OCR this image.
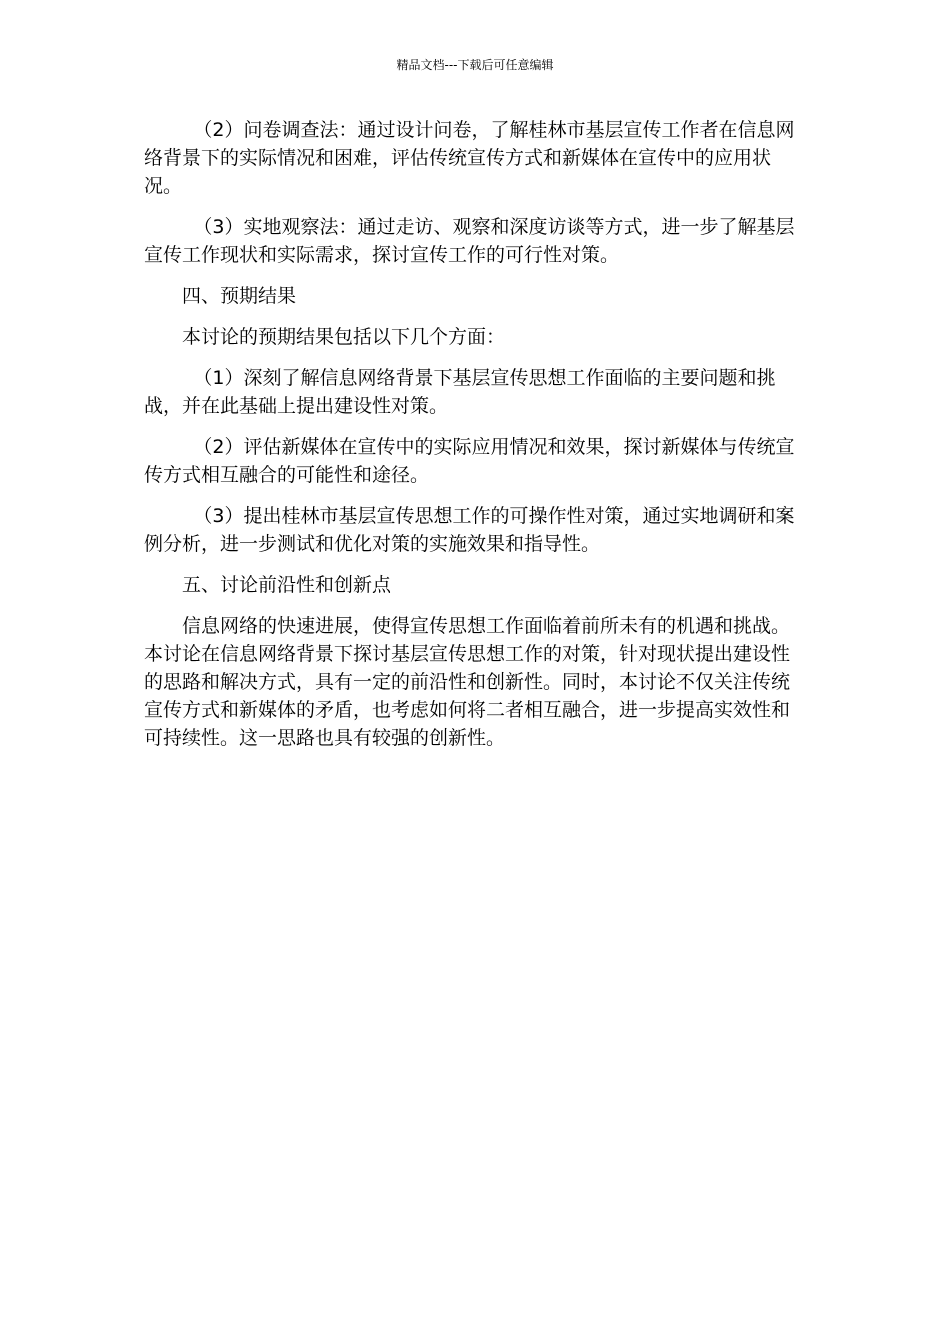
精品文档---下载后可任意编辑

（2）问卷调查法：通过设计问卷，了解桂林市基层宣传工作者在信息网络背景下的实际情况和困难，评估传统宣传方式和新媒体在宣传中的应用状况。

（3）实地观察法：通过走访、观察和深度访谈等方式，进一步了解基层宣传工作现状和实际需求，探讨宣传工作的可行性对策。

四、预期结果

本讨论的预期结果包括以下几个方面：

（1）深刻了解信息网络背景下基层宣传思想工作面临的主要问题和挑战，并在此基础上提出建设性对策。

（2）评估新媒体在宣传中的实际应用情况和效果，探讨新媒体与传统宣传方式相互融合的可能性和途径。

（3）提出桂林市基层宣传思想工作的可操作性对策，通过实地调研和案例分析，进一步测试和优化对策的实施效果和指导性。

五、讨论前沿性和创新点

信息网络的快速进展，使得宣传思想工作面临着前所未有的机遇和挑战。本讨论在信息网络背景下探讨基层宣传思想工作的对策，针对现状提出建设性的思路和解决方式，具有一定的前沿性和创新性。同时，本讨论不仅关注传统宣传方式和新媒体的矛盾，也考虑如何将二者相互融合，进一步提高实效性和可持续性。这一思路也具有较强的创新性。
